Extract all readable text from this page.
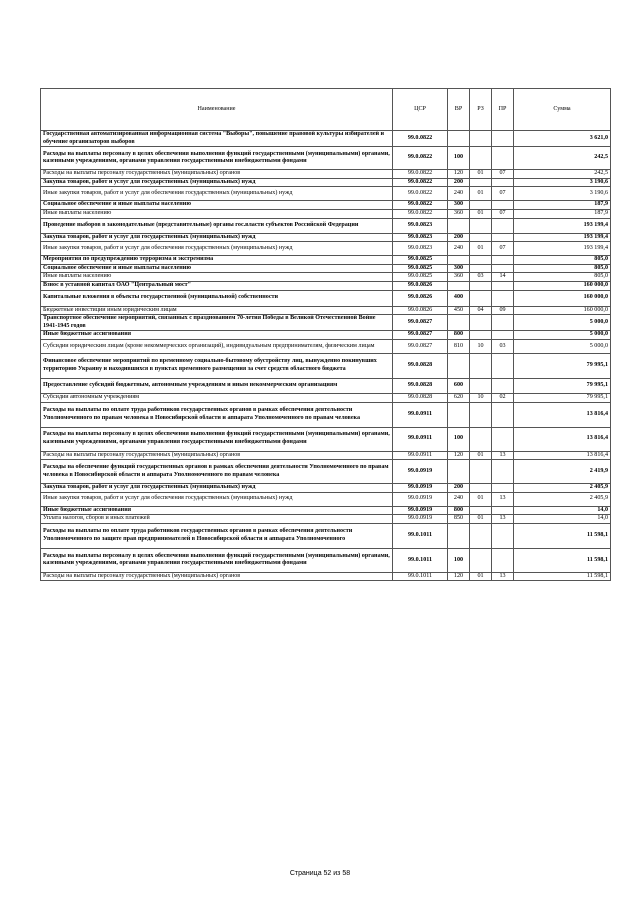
Наименование	ЦСР	ВР	РЗ	ПР	Сумма
Государственная автоматизированная информационная система "Выборы", повышение правовой культуры избирателей и обучение организаторов выборов	99.0.0822				3 621,0
Расходы на выплаты персоналу в целях обеспечения выполнения функций государственными (муниципальными) органами, казенными учреждениями, органами управления государственными внебюджетными фондами	99.0.0822	100			242,5
Расходы на выплаты персоналу государственных (муниципальных) органов	99.0.0822	120	01	07	242,5
Закупка товаров, работ и услуг для государственных (муниципальных) нужд	99.0.0822	200			3 190,6
Иные закупки товаров, работ и услуг для обеспечения государственных (муниципальных) нужд	99.0.0822	240	01	07	3 190,6
Социальное обеспечение и иные выплаты населению	99.0.0822	300			187,9
Иные выплаты населению	99.0.0822	360	01	07	187,9
Проведение выборов в законодательные (представительные) органы гос.власти субъектов Российской Федерации	99.0.0823				193 199,4
Закупка товаров, работ и услуг для государственных (муниципальных) нужд	99.0.0823	200			193 199,4
Иные закупки товаров, работ и услуг для обеспечения государственных (муниципальных) нужд	99.0.0823	240	01	07	193 199,4
Мероприятия по предупреждению терроризма и экстремизма	99.0.0825				805,0
Социальное обеспечение и иные выплаты населению	99.0.0825	300			805,0
Иные выплаты населению	99.0.0825	360	03	14	805,0
Взнос в уставной капитал ОАО "Центральный мост"	99.0.0826				160 000,0
Капитальные вложения в объекты государственной (муниципальной) собственности	99.0.0826	400			160 000,0
Бюджетные инвестиции иным юридическим лицам	99.0.0826	450	04	09	160 000,0
Транспортное обеспечение мероприятий, связанных с празднованием 70-летия Победы в Великой Отечественной Войне 1941-1945 годов	99.0.0827				5 000,0
Иные бюджетные ассигнования	99.0.0827	800			5 000,0
Субсидии юридическим лицам (кроме некоммерческих организаций), индивидуальным предпринимателям, физическим лицам	99.0.0827	810	10	03	5 000,0
Финансовое обеспечение мероприятий по временному социально-бытовому обустройству лиц, вынужденно покинувших территорию Украину и находившихся в пунктах временного размещения за счет средств областного бюджета	99.0.0828				79 995,1
Предоставление субсидий бюджетным, автономным учреждениям и иным некоммерческим организациям	99.0.0828	600			79 995,1
Субсидии автономным учреждениям	99.0.0828	620	10	02	79 995,1
Расходы на выплаты по оплате труда работников государственных органов в рамках обеспечения деятельности Уполномоченного по правам человека в Новосибирской области и аппарата Уполномоченного по правам человека	99.0.0911				13 816,4
Расходы на выплаты персоналу в целях обеспечения выполнения функций государственными (муниципальными) органами, казенными учреждениями, органами управления государственными внебюджетными фондами	99.0.0911	100			13 816,4
Расходы на выплаты персоналу государственных (муниципальных) органов	99.0.0911	120	01	13	13 816,4
Расходы на обеспечение функций государственных органов в рамках обеспечения деятельности Уполномоченного по правам человека в Новосибирской области и аппарата Уполномоченного по правам человека	99.0.0919				2 419,9
Закупка товаров, работ и услуг для государственных (муниципальных) нужд	99.0.0919	200			2 405,9
Иные закупки товаров, работ и услуг для обеспечения государственных (муниципальных) нужд	99.0.0919	240	01	13	2 405,9
Иные бюджетные ассигнования	99.0.0919	800			14,0
Уплата налогов, сборов и иных платежей	99.0.0919	850	01	13	14,0
Расходы на выплаты по оплате труда работников государственных органов в рамках обеспечения деятельности Уполномоченного по защите прав предпринимателей в Новосибирской области и аппарата Уполномоченного	99.0.1011				11 598,1
Расходы на выплаты персоналу в целях обеспечения выполнения функций государственными (муниципальными) органами, казенными учреждениями, органами управления государственными внебюджетными фондами	99.0.1011	100			11 598,1
Расходы на выплаты персоналу государственных (муниципальных) органов	99.0.1011	120	01	13	11 598,1
Страница 52 из 58
